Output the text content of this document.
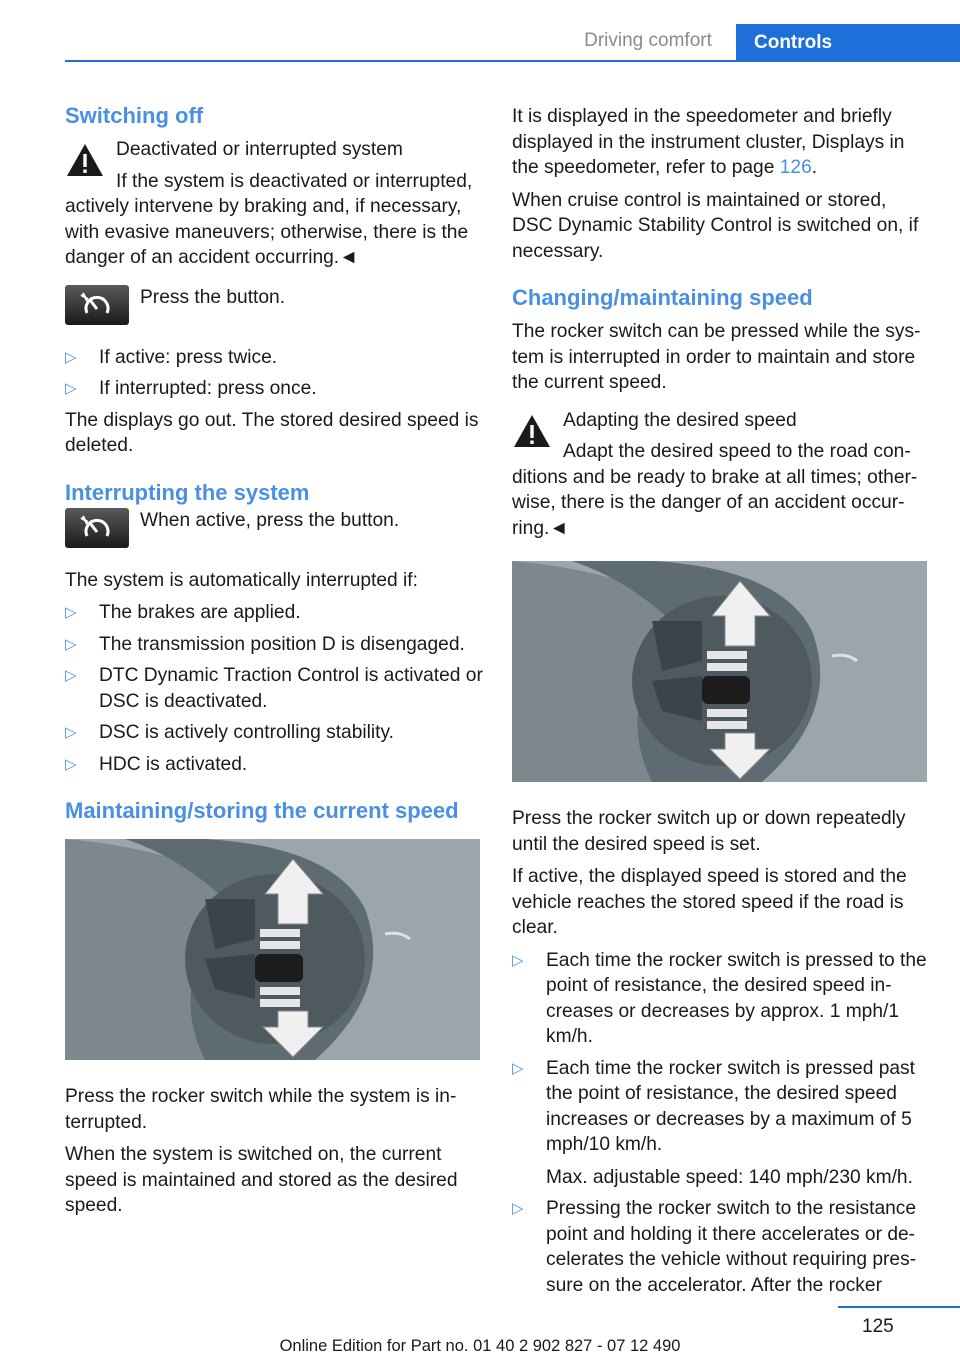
Driving comfort	Controls
Switching off
Deactivated or interrupted system
If the system is deactivated or interrupted, actively intervene by braking and, if necessary, with evasive maneuvers; otherwise, there is the danger of an accident occurring.◄
Press the button.
▷ If active: press twice.
▷ If interrupted: press once.

The displays go out. The stored desired speed is deleted.

Interrupting the system
When active, press the button.

The system is automatically interrupted if:

▷ The brakes are applied.
▷ The transmission position D is disengaged.
▷ DTC Dynamic Traction Control is activated or DSC is deactivated.
▷ DSC is actively controlling stability.
▷ HDC is activated.
Maintaining/storing the current speed

Press the rocker switch while the system is in-terrupted.

When the system is switched on, the current speed is maintained and stored as the desired speed.

It is displayed in the speedometer and briefly displayed in the instrument cluster, Displays in the speedometer, refer to page 126.

When cruise control is maintained or stored, DSC Dynamic Stability Control is switched on, if necessary.

Changing/maintaining speed

The rocker switch can be pressed while the sys-tem is interrupted in order to maintain and store the current speed.

Adapting the desired speed
Adapt the desired speed to the road con-ditions and be ready to brake at all times; other-wise, there is the danger of an accident occur-ring.◄

Press the rocker switch up or down repeatedly until the desired speed is set.

If active, the displayed speed is stored and the vehicle reaches the stored speed if the road is clear.

▷ Each time the rocker switch is pressed to the point of resistance, the desired speed in-creases or decreases by approx. 1 mph/1 km/h.
▷ Each time the rocker switch is pressed past the point of resistance, the desired speed increases or decreases by a maximum of 5 mph/10 km/h.
Max. adjustable speed: 140 mph/230 km/h.
▷ Pressing the rocker switch to the resistance point and holding it there accelerates or de-celerates the vehicle without requiring pres-sure on the accelerator. After the rocker
125
Online Edition for Part no. 01 40 2 902 827 - 07 12 490
